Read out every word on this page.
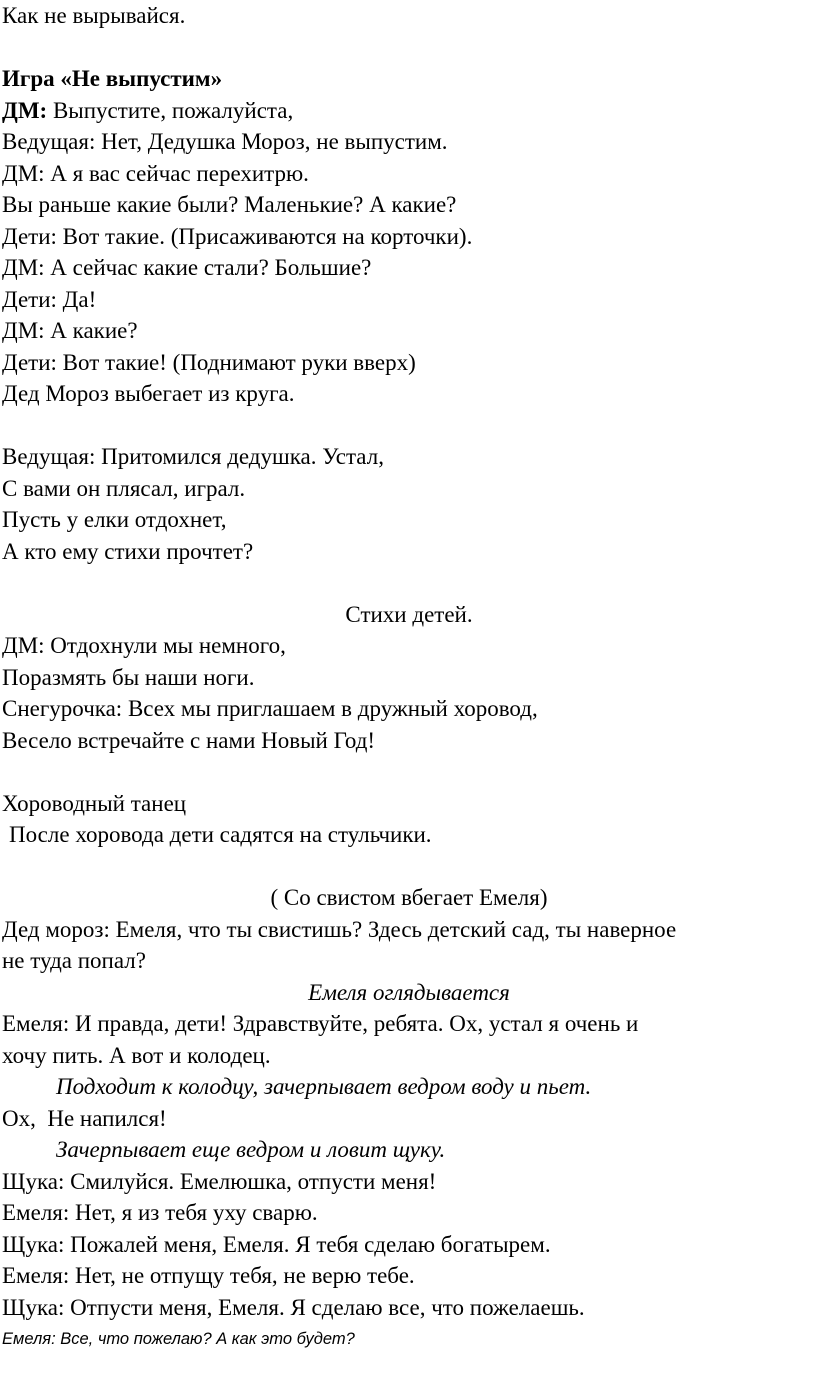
Как не вырывайся.

Игра «Не выпустим»

ДМ: Выпустите, пожалуйста,

Ведущая: Нет, Дедушка Мороз, не выпустим.

ДМ: А я вас сейчас перехитрю.

Вы раньше какие были? Маленькие? А какие?

Дети: Вот такие. (Присаживаются на корточки).

ДМ: А сейчас какие стали? Большие?

Дети: Да!

ДМ: А какие?

Дети: Вот такие! (Поднимают руки вверх)

Дед Мороз выбегает из круга.

Ведущая: Притомился дедушка. Устал,

С вами он плясал, играл.

Пусть у елки отдохнет,

А кто ему стихи прочтет?

Стихи детей.

ДМ: Отдохнули мы немного,

Поразмять бы наши ноги.

Снегурочка: Всех мы приглашаем в дружный хоровод,

Весело встречайте с нами Новый Год!

Хороводный танец

После хоровода дети садятся на стульчики.

( Со свистом вбегает Емеля)

Дед мороз: Емеля, что ты свистишь? Здесь детский сад, ты наверное

не туда попал?

Емеля оглядывается

Емеля: И правда, дети! Здравствуйте, ребята. Ох, устал я очень и

хочу пить. А вот и колодец.

Подходит к колодцу, зачерпывает ведром воду и пьет.

Ох,  Не напился!

Зачерпывает еще ведром и ловит щуку.

Щука: Смилуйся. Емелюшка, отпусти меня!

Емеля: Нет, я из тебя уху сварю.

Щука: Пожалей меня, Емеля. Я тебя сделаю богатырем.

Емеля: Нет, не отпущу тебя, не верю тебе.

Щука: Отпусти меня, Емеля. Я сделаю все, что пожелаешь.

Емеля: Все, что пожелаю? А как это будет?
